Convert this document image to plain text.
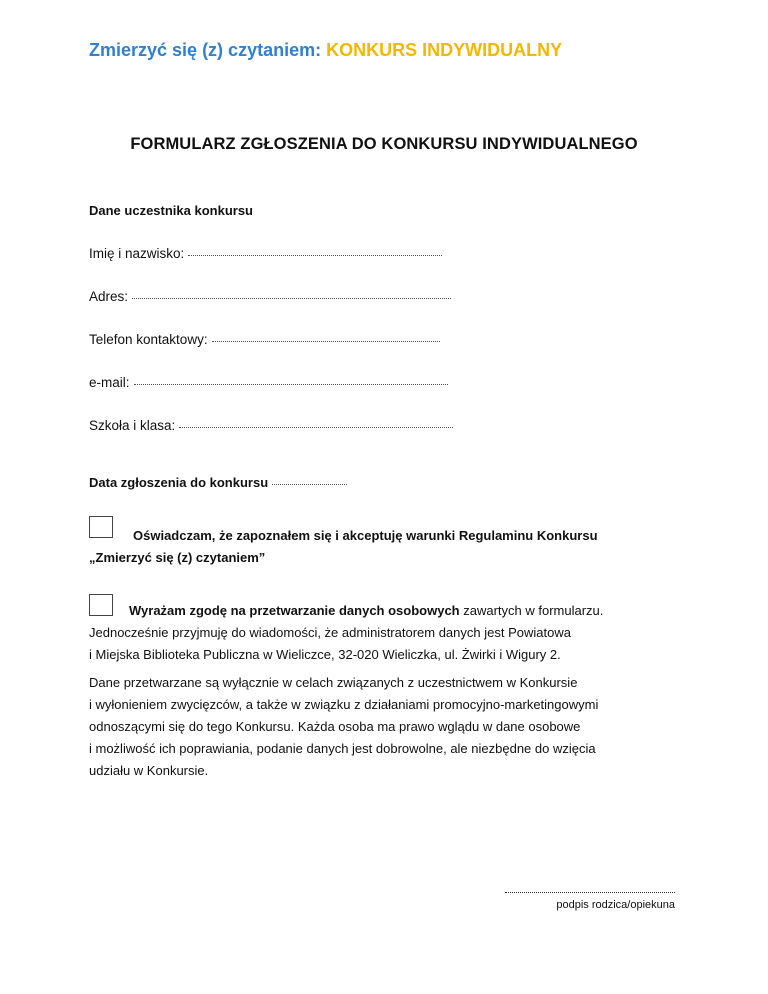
Zmierzyć się (z) czytaniem: KONKURS INDYWIDUALNY
FORMULARZ ZGŁOSZENIA DO KONKURSU INDYWIDUALNEGO
Dane uczestnika konkursu
Imię i nazwisko:
Adres:
Telefon kontaktowy:
e-mail:
Szkoła i klasa:
Data zgłoszenia do konkursu
Oświadczam, że zapoznałem się i akceptuję warunki Regulaminu Konkursu
„Zmierzyć się (z) czytaniem”
Wyrażam zgodę na przetwarzanie danych osobowych zawartych w formularzu.
Jednocześnie przyjmuję do wiadomości, że administratorem danych jest Powiatowa
i Miejska Biblioteka Publiczna w Wieliczce, 32-020 Wieliczka, ul. Żwirki i Wigury 2.
Dane przetwarzane są wyłącznie w celach związanych z uczestnictwem w Konkursie
i wyłonieniem zwycięzców, a także w związku z działaniami promocyjno-marketingowymi
odnoszącymi się do tego Konkursu. Każda osoba ma prawo wglądu w dane osobowe
i możliwość ich poprawiania, podanie danych jest dobrowolne, ale niezbędne do wzięcia
udziału w Konkursie.
podpis rodzica/opiekuna
